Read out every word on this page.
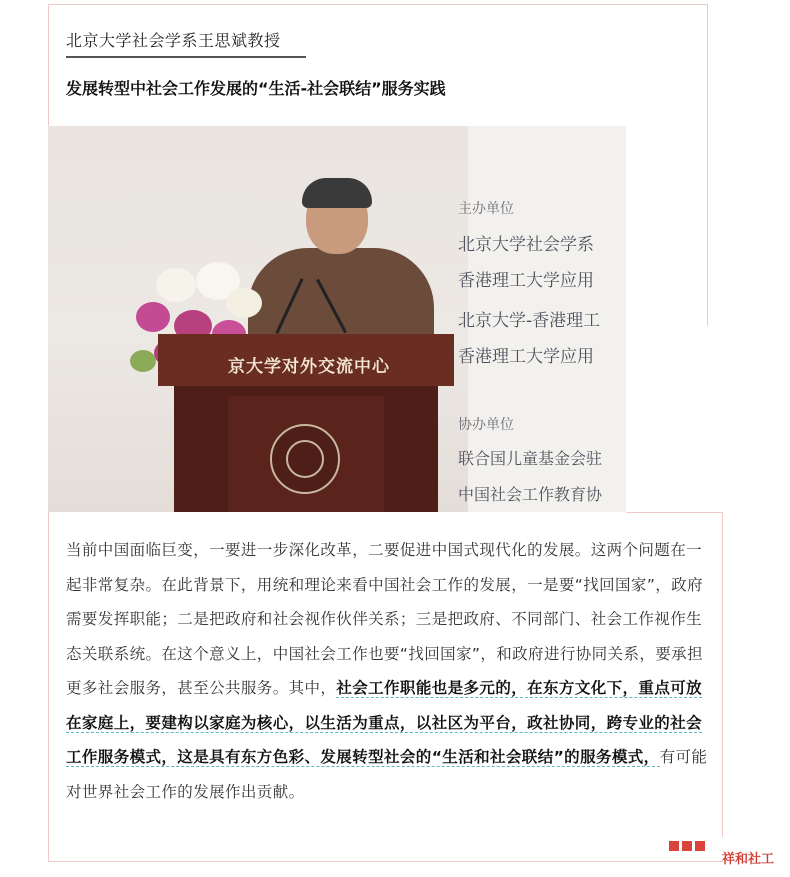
北京大学社会学系王思斌教授
发展转型中社会工作发展的“生活-社会联结”服务实践
主办单位
北京大学社会学系
香港理工大学应用
北京大学-香港理工
香港理工大学应用
协办单位
联合国儿童基金会驻
中国社会工作教育协
京大学对外交流中心
当前中国面临巨变，一要进一步深化改革，二要促进中国式现代化的发展。这两个问题在一起非常复杂。在此背景下，用统和理论来看中国社会工作的发展，一是要“找回国家”，政府需要发挥职能；二是把政府和社会视作伙伴关系；三是把政府、不同部门、社会工作视作生态关联系统。在这个意义上，中国社会工作也要“找回国家”，和政府进行协同关系，要承担更多社会服务，甚至公共服务。其中，社会工作职能也是多元的，在东方文化下，重点可放在家庭上，要建构以家庭为核心，以生活为重点，以社区为平台，政社协同，跨专业的社会工作服务模式，这是具有东方色彩、发展转型社会的“生活和社会联结”的服务模式，有可能对世界社会工作的发展作出贡献。
祥和社工
